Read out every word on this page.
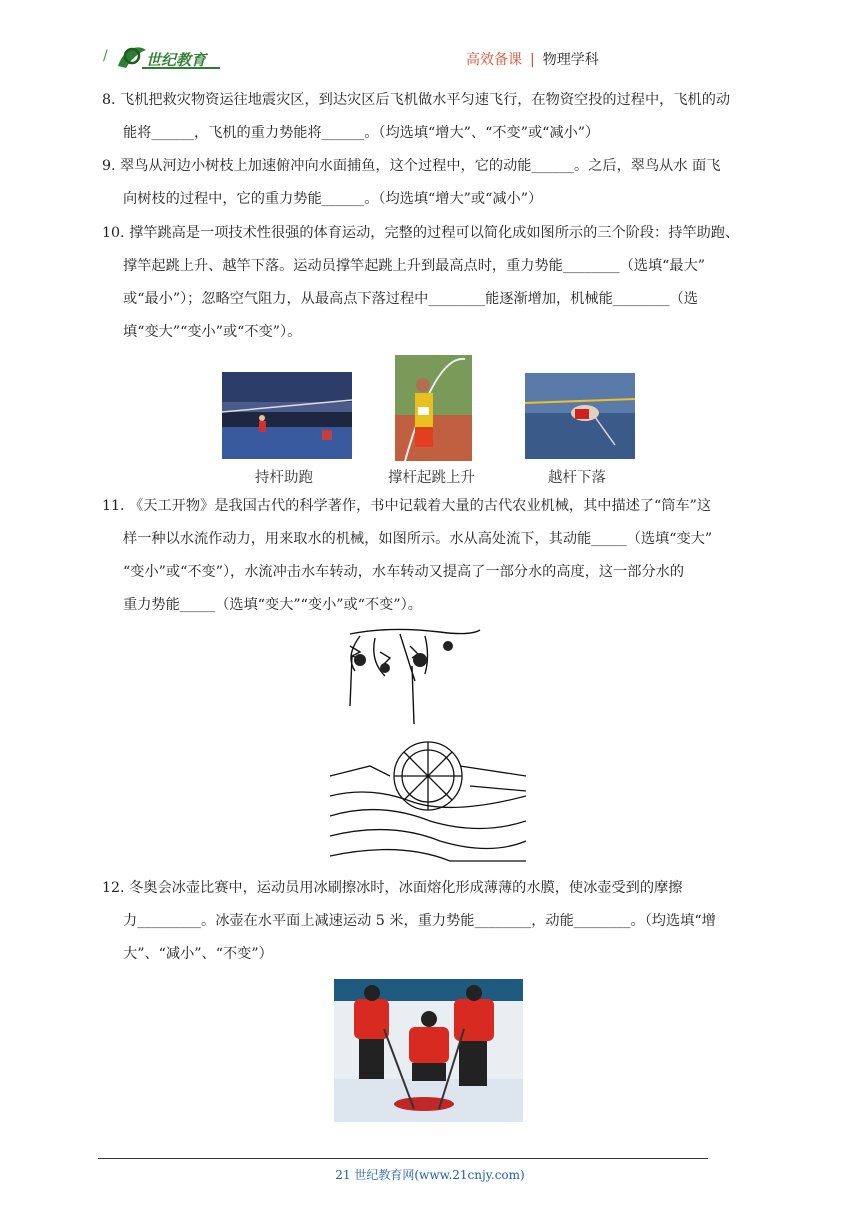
/	世纪教育	高效备课 | 物理学科

8. 飞机把救灾物资运往地震灾区，到达灾区后飞机做水平匀速飞行，在物资空投的过程中，飞机的动

能将______，飞机的重力势能将______。（均选填“增大”、“不变”或“减小”）

9. 翠鸟从河边小树枝上加速俯冲向水面捕鱼，这个过程中，它的动能______。之后，翠鸟从水 面飞

向树枝的过程中，它的重力势能______。（均选填“增大”或“减小”）

10. 撑竿跳高是一项技术性很强的体育运动，完整的过程可以简化成如图所示的三个阶段：持竿助跑、

撑竿起跳上升、越竿下落。运动员撑竿起跳上升到最高点时，重力势能________（选填“最大”

或“最小”）；忽略空气阻力，从最高点下落过程中________能逐渐增加，机械能________（选

填“变大”“变小”或“不变”）。

持杆助跑	撑杆起跳上升	越杆下落

11. 《天工开物》是我国古代的科学著作，书中记载着大量的古代农业机械，其中描述了“筒车”这

样一种以水流作动力，用来取水的机械，如图所示。水从高处流下，其动能_____（选填“变大”

“变小”或“不变”），水流冲击水车转动，水车转动又提高了一部分水的高度，这一部分水的

重力势能_____（选填“变大”“变小”或“不变”）。

12. 冬奥会冰壶比赛中，运动员用冰刷擦冰时，冰面熔化形成薄薄的水膜，使冰壶受到的摩擦

力_________。冰壶在水平面上减速运动 5 米，重力势能________，动能________。（均选填“增

大”、“减小”、“不变”）

21 世纪教育网(www.21cnjy.com)
